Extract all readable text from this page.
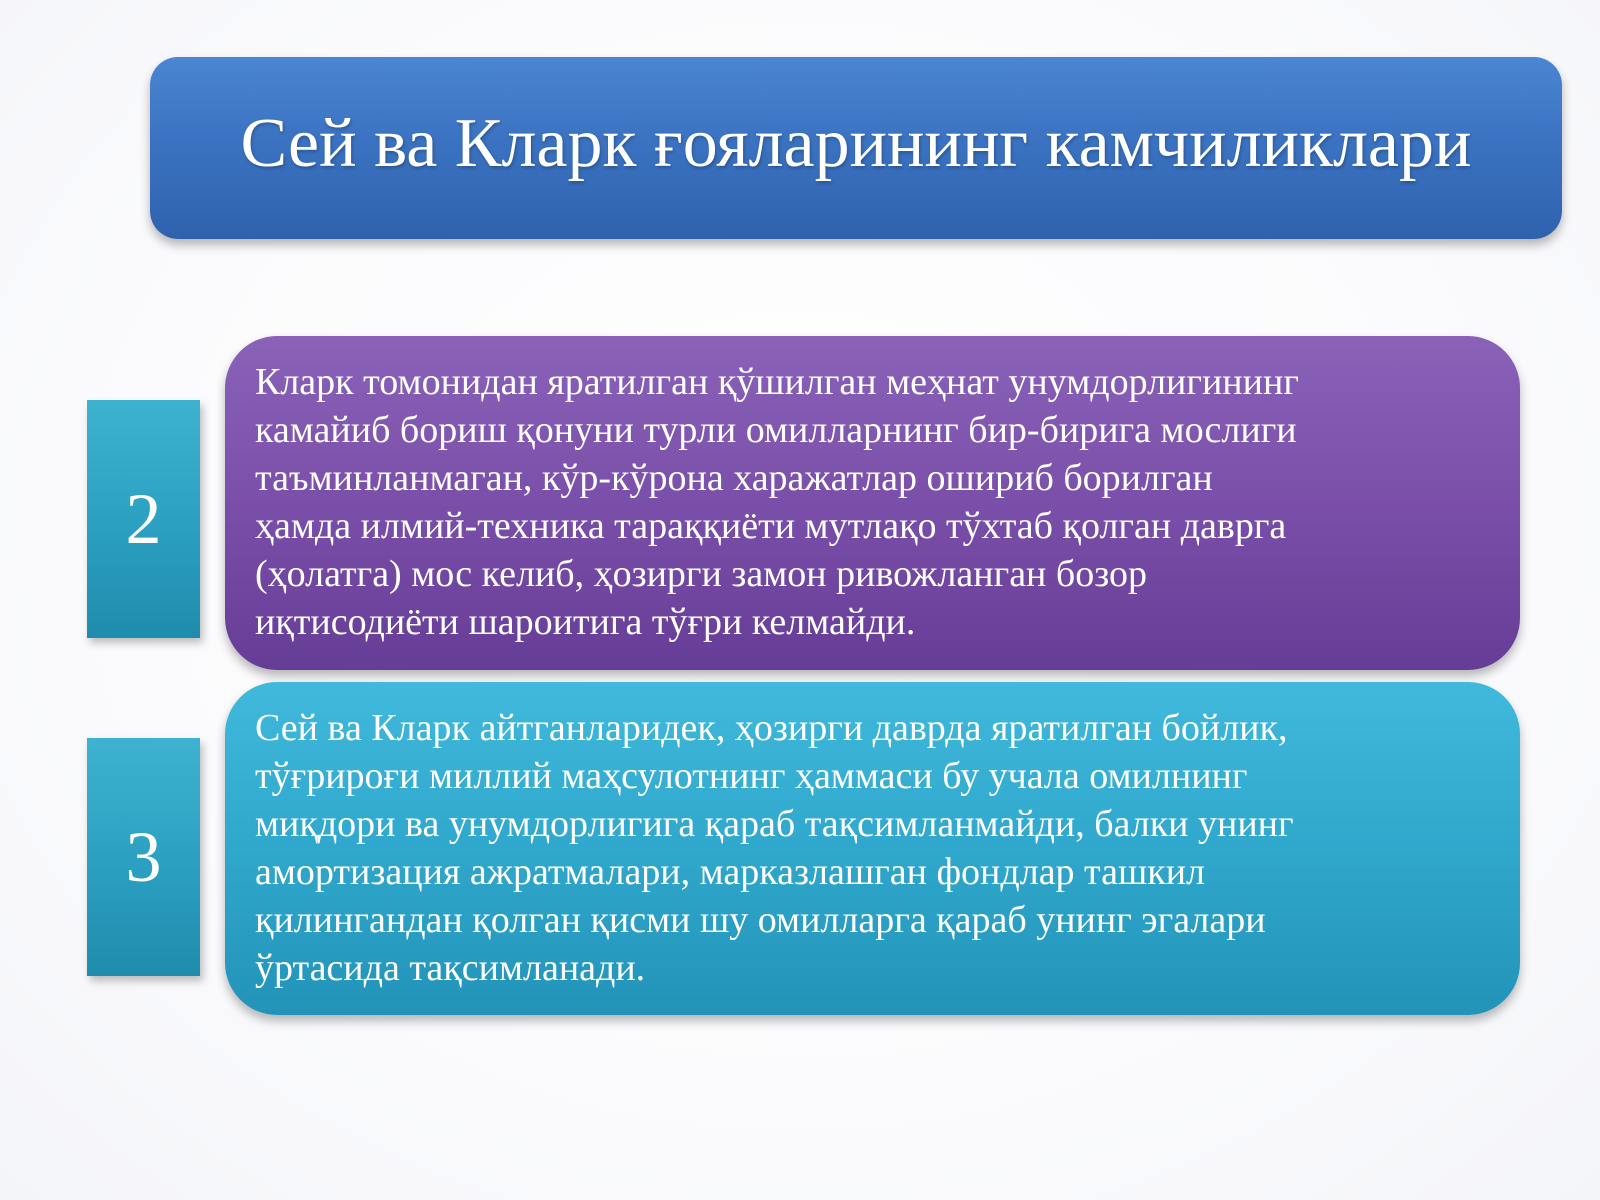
Сей ва Кларк ғояларининг камчиликлари
2
Кларк томонидан яратилган қўшилган меҳнат унумдорлигининг
камайиб бориш қонуни турли омилларнинг бир-бирига мослиги
таъминланмаган, кўр-кўрона харажатлар ошириб борилган
ҳамда илмий-техника тараққиёти мутлақо тўхтаб қолган даврга
(ҳолатга) мос келиб, ҳозирги замон ривожланган бозор
иқтисодиёти шароитига тўғри келмайди.
3
Сей ва Кларк айтганларидек, ҳозирги даврда яратилган бойлик,
тўғрироғи миллий маҳсулотнинг ҳаммаси бу учала омилнинг
миқдори ва унумдорлигига қараб тақсимланмайди, балки унинг
амортизация ажратмалари, марказлашган фондлар ташкил
қилингандан қолган қисми шу омилларга қараб унинг эгалари
ўртасида тақсимланади.
